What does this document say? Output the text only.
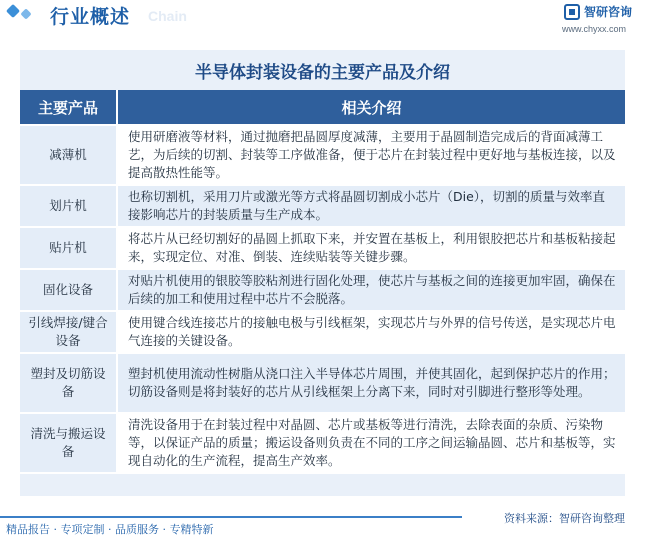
行业概述 Chain	智研咨询
www.chyxx.com
半导体封装设备的主要产品及介绍
主要产品	相关介绍
减薄机	使用研磨液等材料，通过抛磨把晶圆厚度减薄，主要用于晶圆制造完成后的背面减薄工艺，为后续的切割、封装等工序做准备，便于芯片在封装过程中更好地与基板连接，以及提高散热性能等。
划片机	也称切割机，采用刀片或激光等方式将晶圆切割成小芯片（Die），切割的质量与效率直接影响芯片的封装质量与生产成本。
贴片机	将芯片从已经切割好的晶圆上抓取下来，并安置在基板上，利用银胶把芯片和基板粘接起来，实现定位、对准、倒装、连续贴装等关键步骤。
固化设备	对贴片机使用的银胶等胶粘剂进行固化处理，使芯片与基板之间的连接更加牢固，确保在后续的加工和使用过程中芯片不会脱落。
引线焊接/键合设备	使用键合线连接芯片的接触电极与引线框架，实现芯片与外界的信号传送，是实现芯片电气连接的关键设备。
塑封及切筋设备	塑封机使用流动性树脂从浇口注入半导体芯片周围，并使其固化，起到保护芯片的作用；切筋设备则是将封装好的芯片从引线框架上分离下来，同时对引脚进行整形等处理。
清洗与搬运设备	清洗设备用于在封装过程中对晶圆、芯片或基板等进行清洗，去除表面的杂质、污染物等，以保证产品的质量；搬运设备则负责在不同的工序之间运输晶圆、芯片和基板等，实现自动化的生产流程，提高生产效率。
资料来源：智研咨询整理
精品报告 · 专项定制 · 品质服务 · 专精特新
